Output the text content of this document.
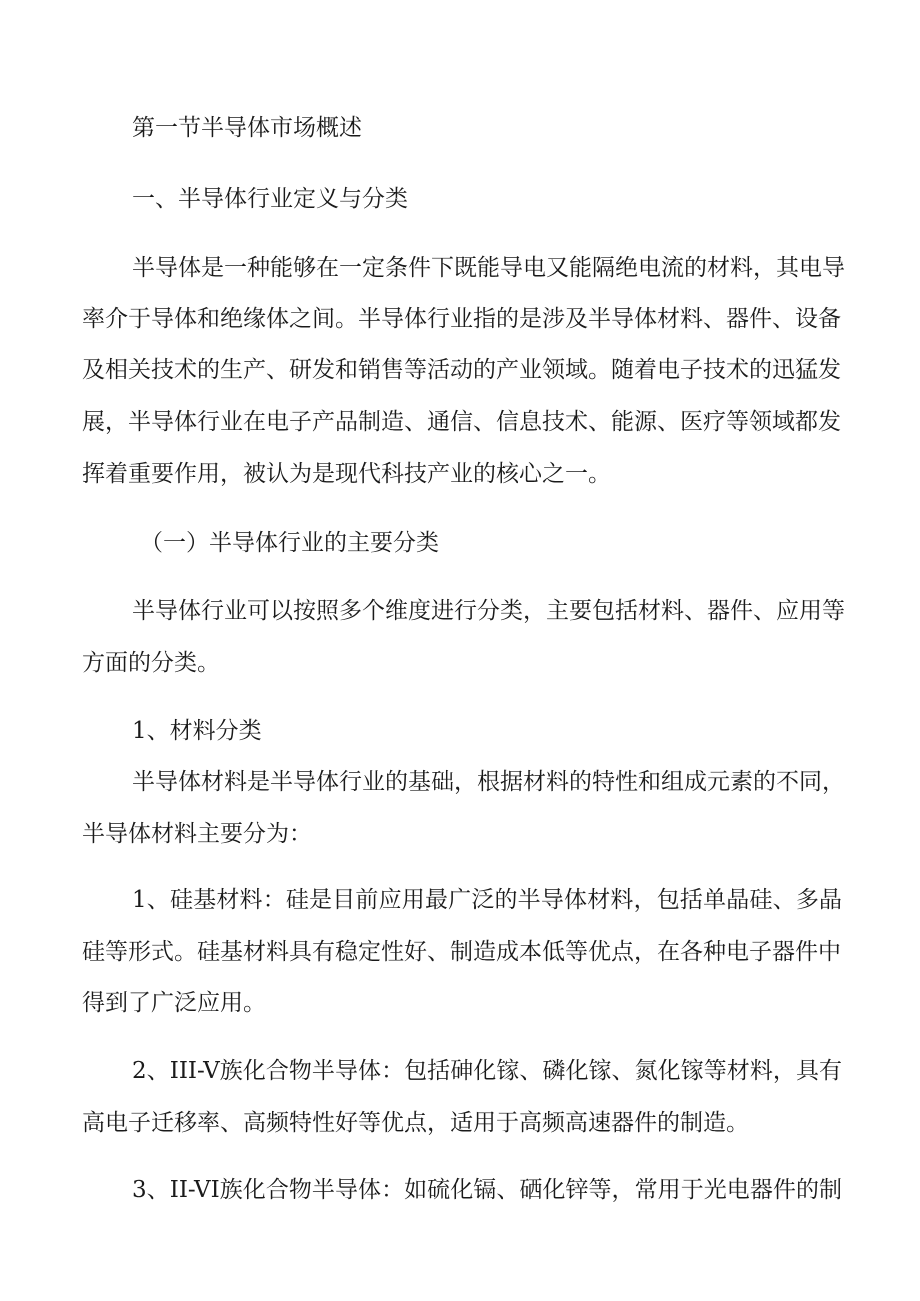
第一节半导体市场概述
一、半导体行业定义与分类
半导体是一种能够在一定条件下既能导电又能隔绝电流的材料，其电导
率介于导体和绝缘体之间。半导体行业指的是涉及半导体材料、器件、设备
及相关技术的生产、研发和销售等活动的产业领域。随着电子技术的迅猛发
展，半导体行业在电子产品制造、通信、信息技术、能源、医疗等领域都发
挥着重要作用，被认为是现代科技产业的核心之一。
（一）半导体行业的主要分类
半导体行业可以按照多个维度进行分类，主要包括材料、器件、应用等
方面的分类。
1、材料分类
半导体材料是半导体行业的基础，根据材料的特性和组成元素的不同，
半导体材料主要分为：
1、硅基材料：硅是目前应用最广泛的半导体材料，包括单晶硅、多晶
硅等形式。硅基材料具有稳定性好、制造成本低等优点，在各种电子器件中
得到了广泛应用。
2、III-V族化合物半导体：包括砷化镓、磷化镓、氮化镓等材料，具有
高电子迁移率、高频特性好等优点，适用于高频高速器件的制造。
3、II-VI族化合物半导体：如硫化镉、硒化锌等，常用于光电器件的制
